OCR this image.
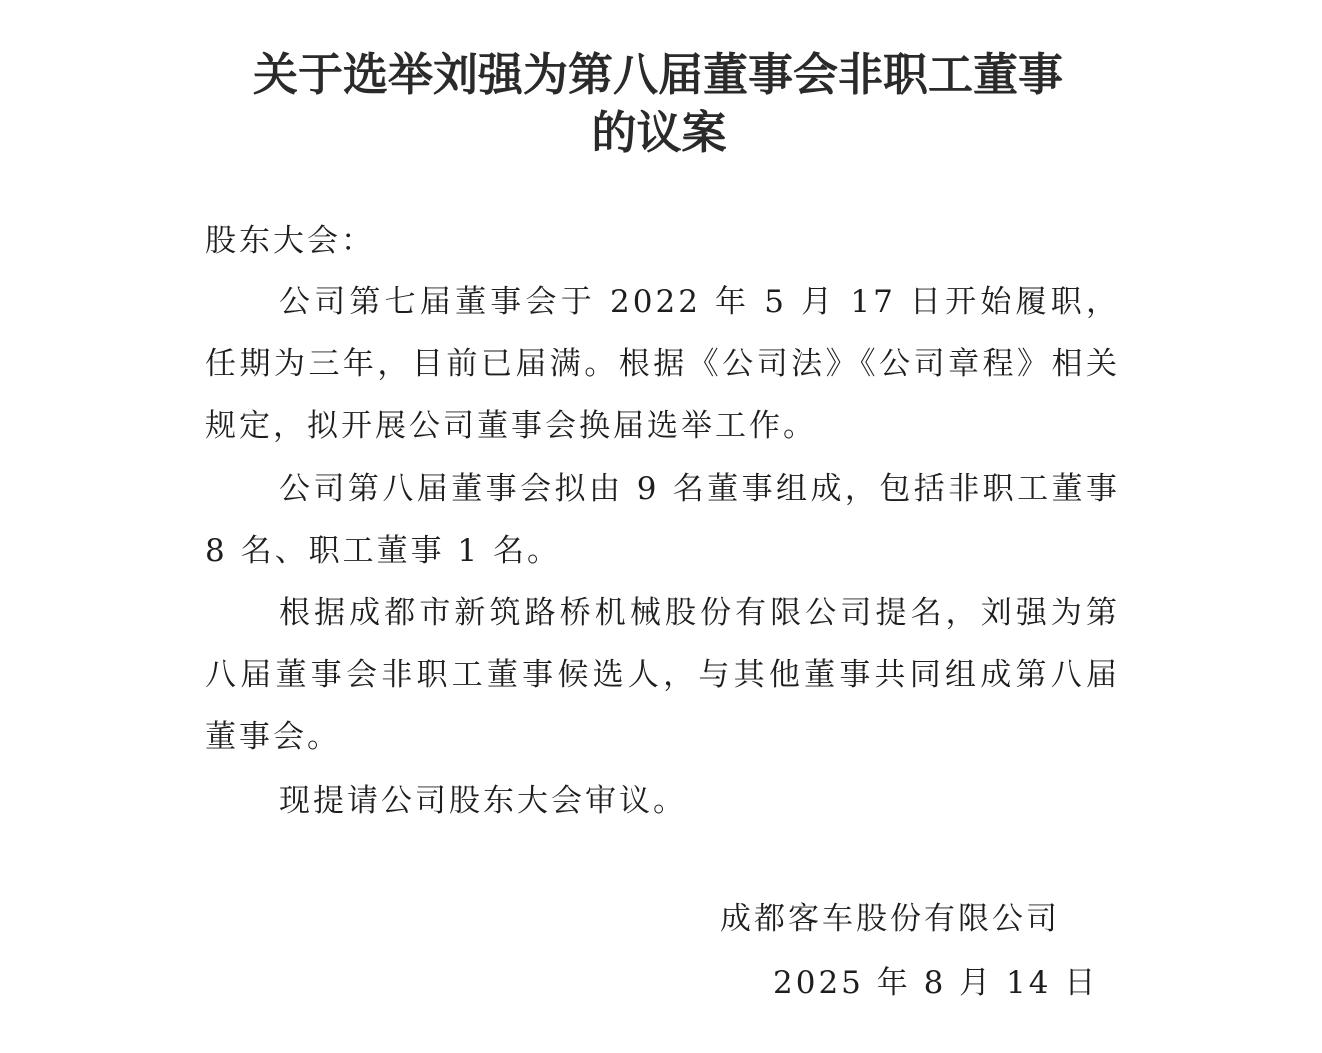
关于选举刘强为第八届董事会非职工董事
的议案
股东大会：
公司第七届董事会于 2022 年 5 月 17 日开始履职，任期为三年，目前已届满。根据《公司法》《公司章程》相关规定，拟开展公司董事会换届选举工作。
公司第八届董事会拟由 9 名董事组成，包括非职工董事 8 名、职工董事 1 名。
根据成都市新筑路桥机械股份有限公司提名，刘强为第八届董事会非职工董事候选人，与其他董事共同组成第八届董事会。
现提请公司股东大会审议。
成都客车股份有限公司
2025 年 8 月 14 日
